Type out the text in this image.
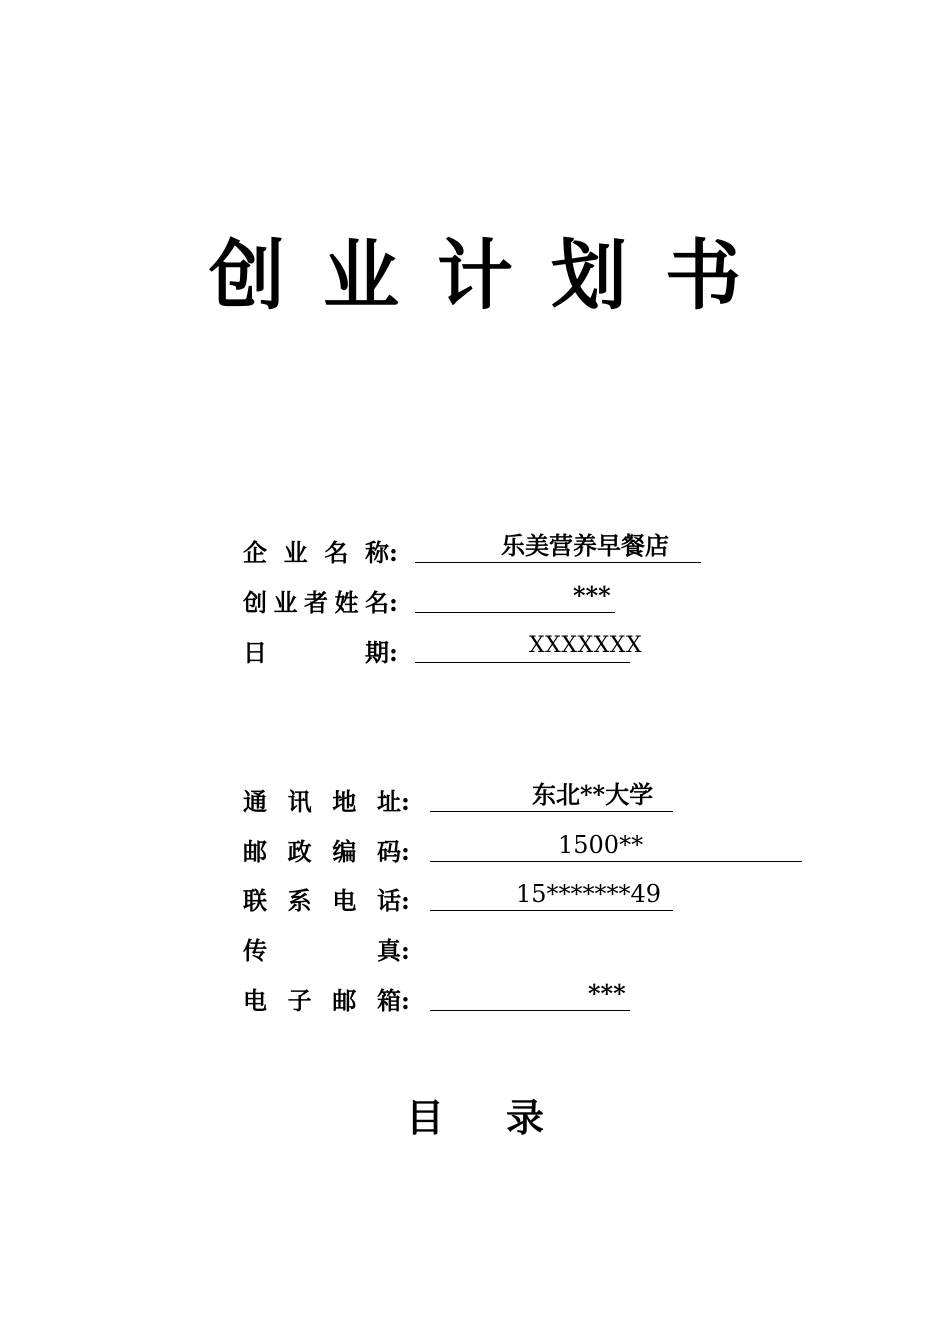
创 业 计 划 书
企 业 名 称 :	乐美营养早餐店
创 业 者 姓 名 :	***
日	期 :	XXXXXXX
通 讯 地 址 :	东北**大学
邮 政 编 码 :	1500**
联 系 电 话 :	15*******49
传	真 :
电 子 邮 箱 :	***
目 录
